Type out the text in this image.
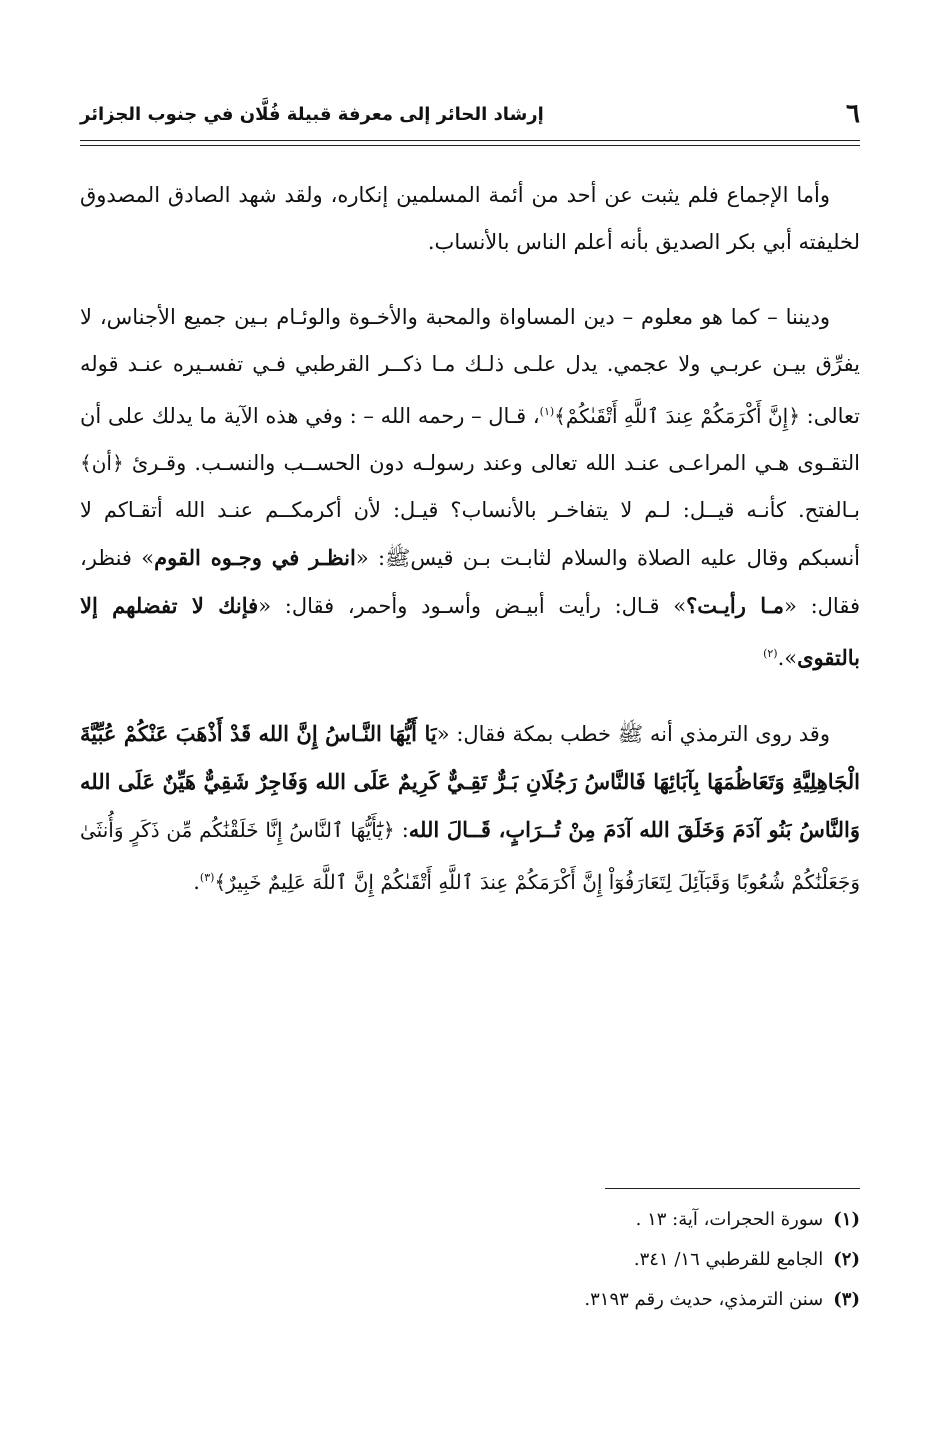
٦
إرشاد الحائر إلى معرفة قبيلة فُلَّان في جنوب الجزائر

وأما الإجماع فلم يثبت عن أحد من أئمة المسلمين إنكاره، ولقد شهد الصادق المصدوق لخليفته أبي بكر الصديق بأنه أعلم الناس بالأنساب.

وديننا – كما هو معلوم – دين المساواة والمحبة والأخـوة والوئـام بـين جميع الأجناس، لا يفرِّق بيـن عربـي ولا عجمي. يدل علـى ذلـك مـا ذكــر القرطبي فـي تفسـيره عنـد قوله تعالى: ﴿إِنَّ أَكْرَمَكُمْ عِندَ ٱللَّهِ أَتْقَىٰكُمْ﴾$^{(١)}$، قـال – رحمه الله – : وفي هذه الآية ما يدلك على أن التقـوى هـي المراعـى عنـد الله تعالى وعند رسولـه دون الحســب والنسـب. وقـرئ ﴿أن﴾ بـالفتح. كأنـه قيــل: لـم لا يتفاخـر بالأنساب؟ قيـل: لأن أكرمكــم عنـد الله أتقـاكم لا أنسبكم وقال عليه الصلاة والسلام لثابـت بـن قيسﷺ: «انظـر في وجـوه القوم» فنظر، فقال: «مـا رأيـت؟» قـال: رأيت أبيـض وأسـود وأحمر، فقال: «فإنك لا تفضلهم إلا بالتقوى».$^{(٢)}$

وقد روى الترمذي أنه ﷺ خطب بمكة فقال: «يَا أَيُّهَا النَّـاسُ إِنَّ الله قَدْ أَذْهَبَ عَنْكُمْ عُبِّيَّةَ الْجَاهِلِيَّةِ وَتَعَاظُمَهَا بِآبَائِهَا فَالنَّاسُ رَجُلَانِ بَـرٌّ تَقِـيٌّ كَرِيمٌ عَلَى الله وَفَاجِرٌ شَقِيٌّ هَيِّنٌ عَلَى الله وَالنَّاسُ بَنُو آدَمَ وَخَلَقَ الله آدَمَ مِنْ تُــرَابٍ، قَــالَ الله: ﴿يَٰٓأَيُّهَا ٱلنَّاسُ إِنَّا خَلَقْنَٰكُم مِّن ذَكَرٍ وَأُنثَىٰ وَجَعَلْنَٰكُمْ شُعُوبًا وَقَبَآئِلَ لِتَعَارَفُوٓاْ إِنَّ أَكْرَمَكُمْ عِندَ ٱللَّهِ أَتْقَىٰكُمْ إِنَّ ٱللَّهَ عَلِيمٌ خَبِيرٌ﴾$^{(٣)}$.

(١)
سورة الحجرات، آية: ١٣ .
(٢)
الجامع للقرطبي ١٦/ ٣٤١.
(٣)
سنن الترمذي، حديث رقم ٣١٩٣.
